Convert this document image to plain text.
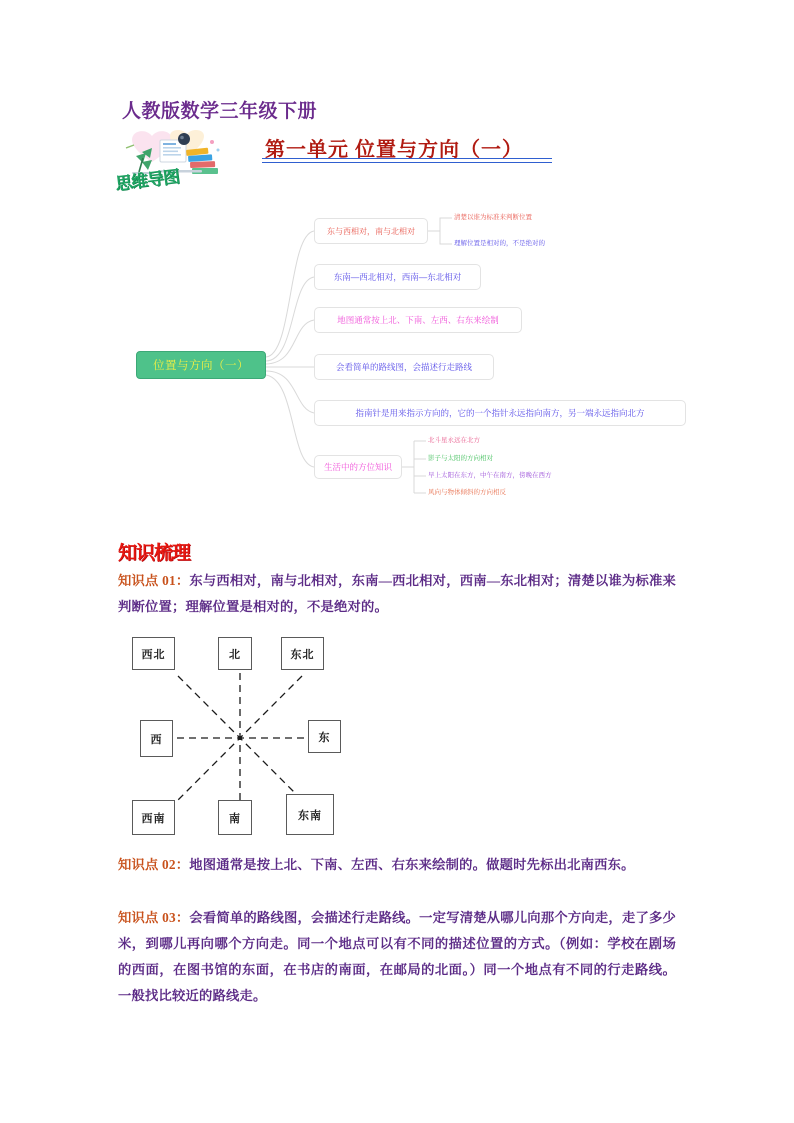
人教版数学三年级下册
第一单元 位置与方向（一）
思维导图
位置与方向（一）
东与西相对，南与北相对
清楚以谁为标准来判断位置
理解位置是相对的，不是绝对的
东南—西北相对，西南—东北相对
地图通常按上北、下南、左西、右东来绘制
会看简单的路线图，会描述行走路线
指南针是用来指示方向的，它的一个指针永远指向南方，另一端永远指向北方
生活中的方位知识
北斗星永远在北方
影子与太阳的方向相对
早上太阳在东方，中午在南方，傍晚在西方
风向与物体倾斜的方向相反
知识梳理
知识点 01：东与西相对，南与北相对，东南—西北相对，西南—东北相对；清楚以谁为标准来判断位置；理解位置是相对的，不是绝对的。
西北	北	东北
西	东
西南	南	东南
知识点 02：地图通常是按上北、下南、左西、右东来绘制的。做题时先标出北南西东。
知识点 03：会看简单的路线图，会描述行走路线。一定写清楚从哪儿向那个方向走，走了多少米，到哪儿再向哪个方向走。同一个地点可以有不同的描述位置的方式。（例如：学校在剧场的西面，在图书馆的东面，在书店的南面，在邮局的北面。）同一个地点有不同的行走路线。一般找比较近的路线走。
